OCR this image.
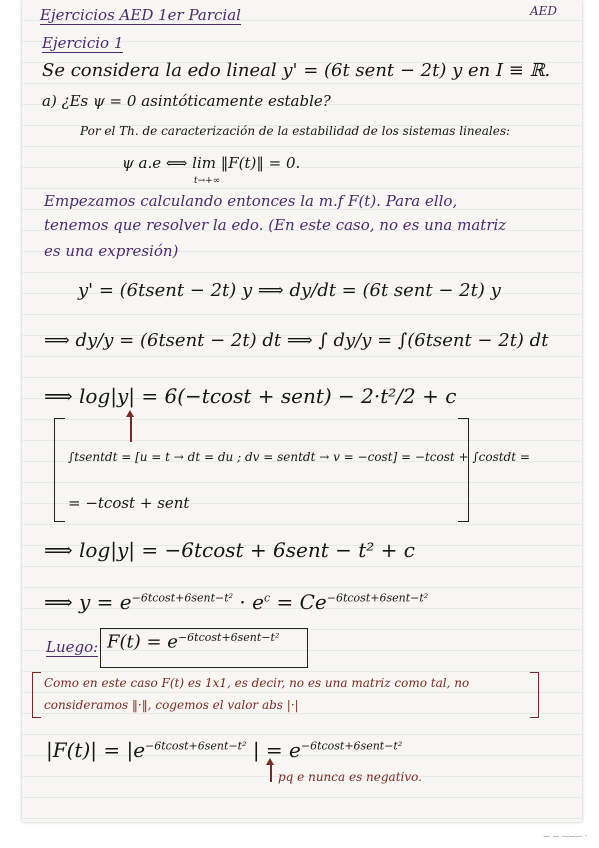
Ejercicios AED 1er Parcial	AED

Ejercicio 1

Se considera la edo lineal y' = (6t sent − 2t) y en I ≡ ℝ.

a) ¿Es ψ = 0 asintóticamente estable?

Por el Th. de caracterización de la estabilidad de los sistemas lineales:

ψ a.e ⟺ lim ‖F(t)‖ = 0.

t→+∞

Empezamos calculando entonces la m.f F(t). Para ello,

tenemos que resolver la edo. (En este caso, no es una matriz

es una expresión)

y' = (6tsent − 2t) y ⟹ dy/dt = (6t sent − 2t) y

⟹ dy/y = (6tsent − 2t) dt ⟹ ∫ dy/y = ∫(6tsent − 2t) dt

⟹ log|y| = 6(−tcost + sent) − 2·t²/2 + c

∫tsentdt = [u = t → dt = du ; dv = sentdt → v = −cost] = −tcost + ∫costdt =

= −tcost + sent

⟹ log|y| = −6tcost + 6sent − t² + c

⟹ $y = e^{-6tcost+6sent-t^2} \cdot e^c = Ce^{-6tcost+6sent-t^2}$

Luego: $F(t) = e^{-6tcost+6sent-t^2}$

Como en este caso F(t) es 1x1, es decir, no es una matriz como tal, no

consideramos ‖·‖, cogemos el valor abs |·|

$|F(t)| = |e^{-6tcost+6sent-t^2}$ | = $e^{-6tcost+6sent-t^2}$

pq e nunca es negativo.

— — ——— ·
